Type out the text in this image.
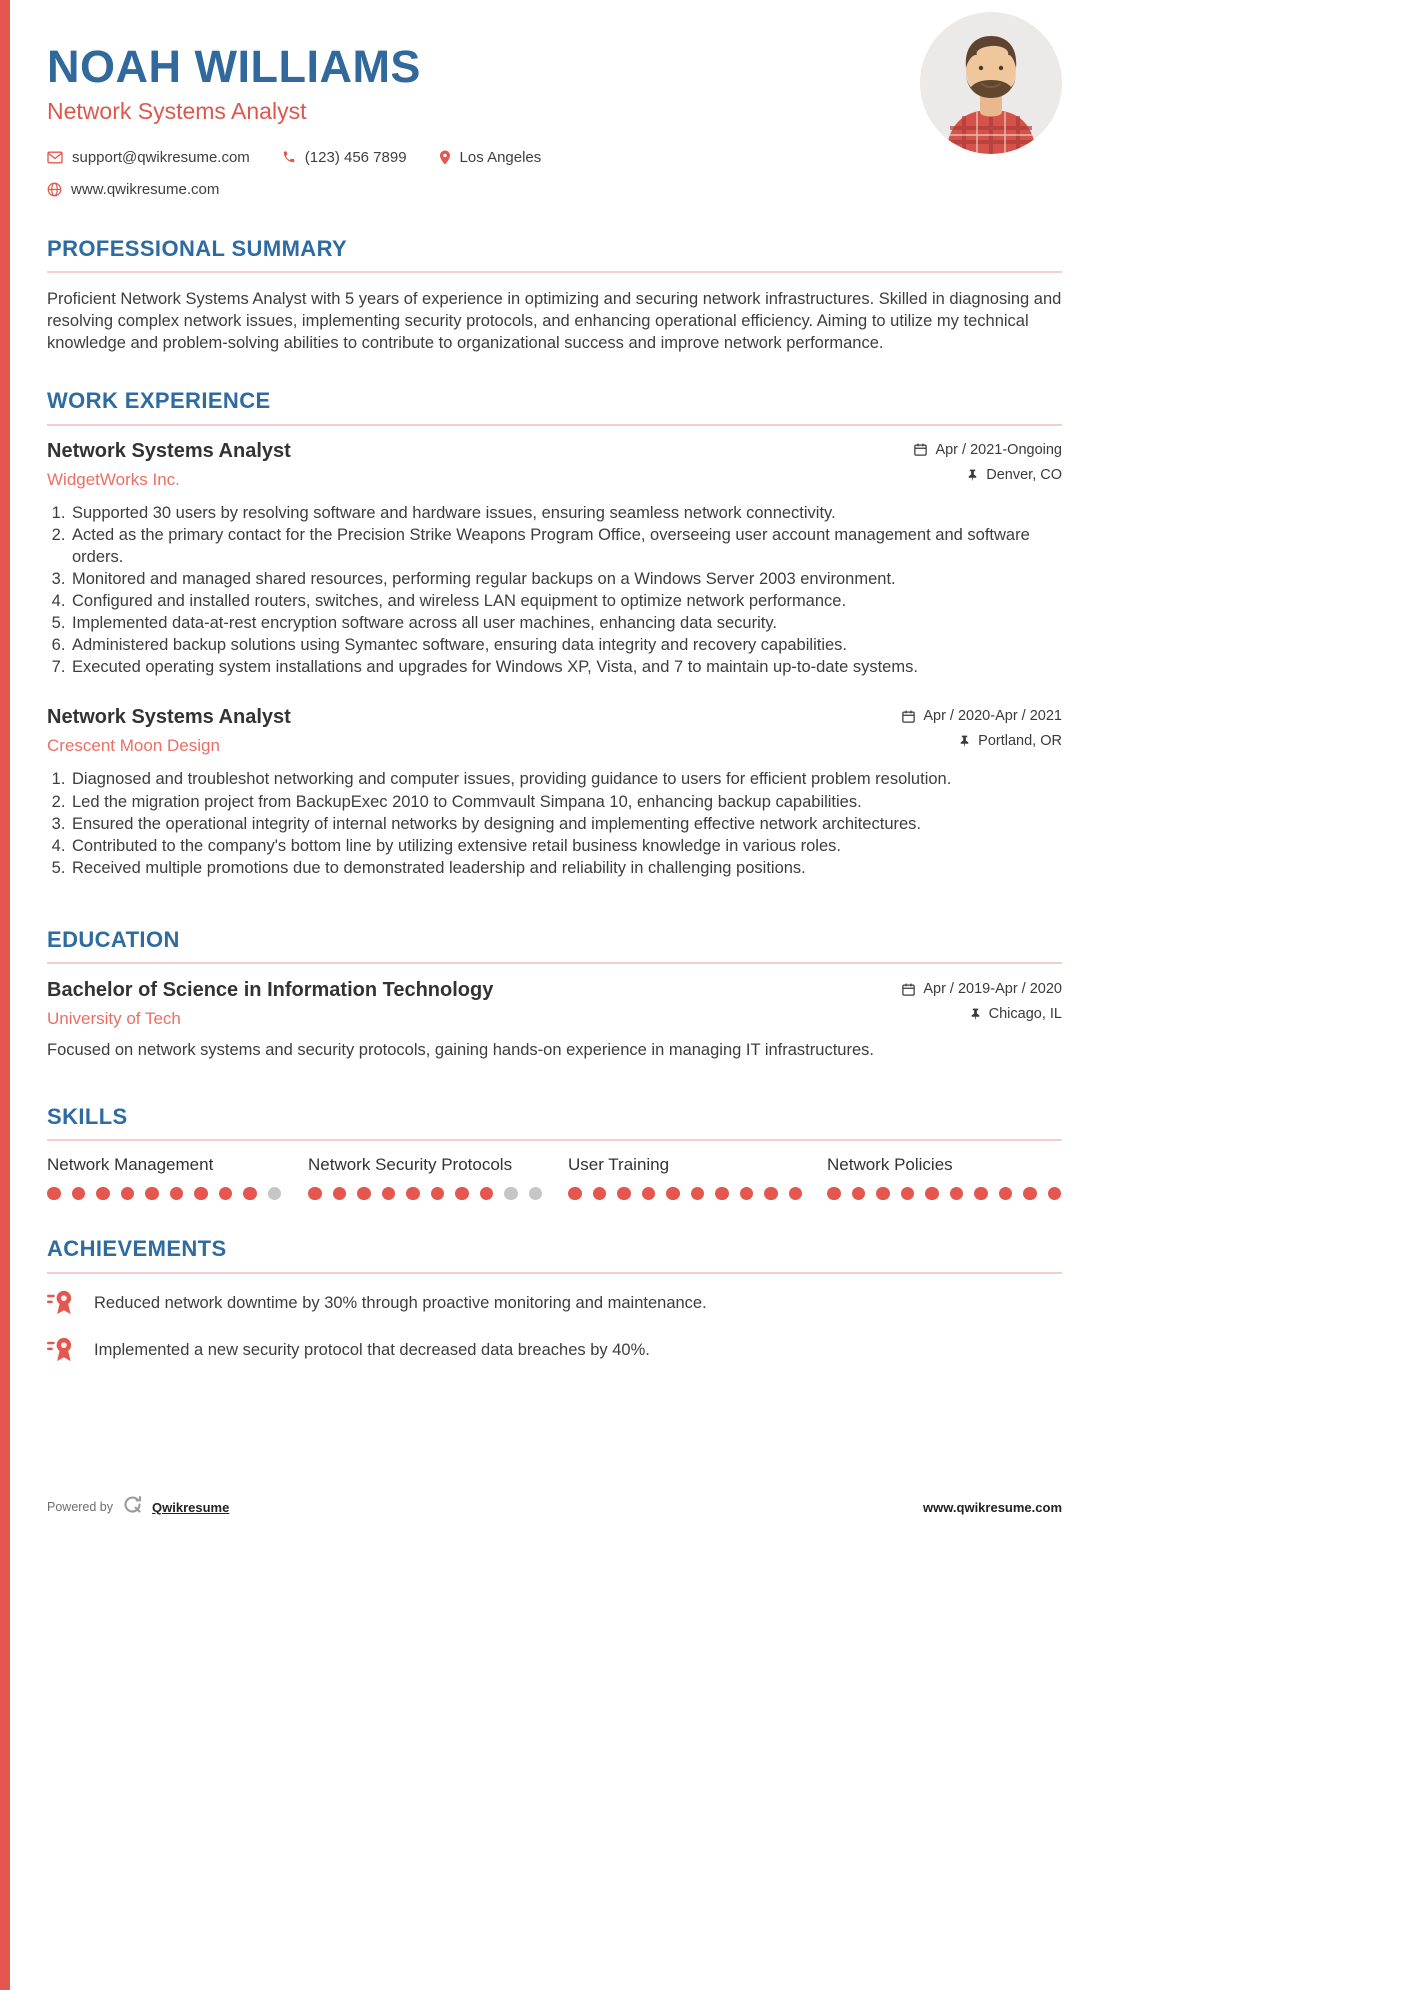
NOAH WILLIAMS
Network Systems Analyst
support@qwikresume.com	(123) 456 7899	Los Angeles
www.qwikresume.com
PROFESSIONAL SUMMARY
Proficient Network Systems Analyst with 5 years of experience in optimizing and securing network infrastructures. Skilled in diagnosing and resolving complex network issues, implementing security protocols, and enhancing operational efficiency. Aiming to utilize my technical knowledge and problem-solving abilities to contribute to organizational success and improve network performance.
WORK EXPERIENCE
Network Systems Analyst
WidgetWorks Inc.
Apr / 2021-Ongoing
Denver, CO
1. Supported 30 users by resolving software and hardware issues, ensuring seamless network connectivity.
2. Acted as the primary contact for the Precision Strike Weapons Program Office, overseeing user account management and software orders.
3. Monitored and managed shared resources, performing regular backups on a Windows Server 2003 environment.
4. Configured and installed routers, switches, and wireless LAN equipment to optimize network performance.
5. Implemented data-at-rest encryption software across all user machines, enhancing data security.
6. Administered backup solutions using Symantec software, ensuring data integrity and recovery capabilities.
7. Executed operating system installations and upgrades for Windows XP, Vista, and 7 to maintain up-to-date systems.
Network Systems Analyst
Crescent Moon Design
Apr / 2020-Apr / 2021
Portland, OR
1. Diagnosed and troubleshot networking and computer issues, providing guidance to users for efficient problem resolution.
2. Led the migration project from BackupExec 2010 to Commvault Simpana 10, enhancing backup capabilities.
3. Ensured the operational integrity of internal networks by designing and implementing effective network architectures.
4. Contributed to the company's bottom line by utilizing extensive retail business knowledge in various roles.
5. Received multiple promotions due to demonstrated leadership and reliability in challenging positions.
EDUCATION
Bachelor of Science in Information Technology
University of Tech
Apr / 2019-Apr / 2020
Chicago, IL
Focused on network systems and security protocols, gaining hands-on experience in managing IT infrastructures.
SKILLS
Network Management	Network Security Protocols	User Training	Network Policies
ACHIEVEMENTS
Reduced network downtime by 30% through proactive monitoring and maintenance.
Implemented a new security protocol that decreased data breaches by 40%.
Powered by	Qwikresume	www.qwikresume.com
